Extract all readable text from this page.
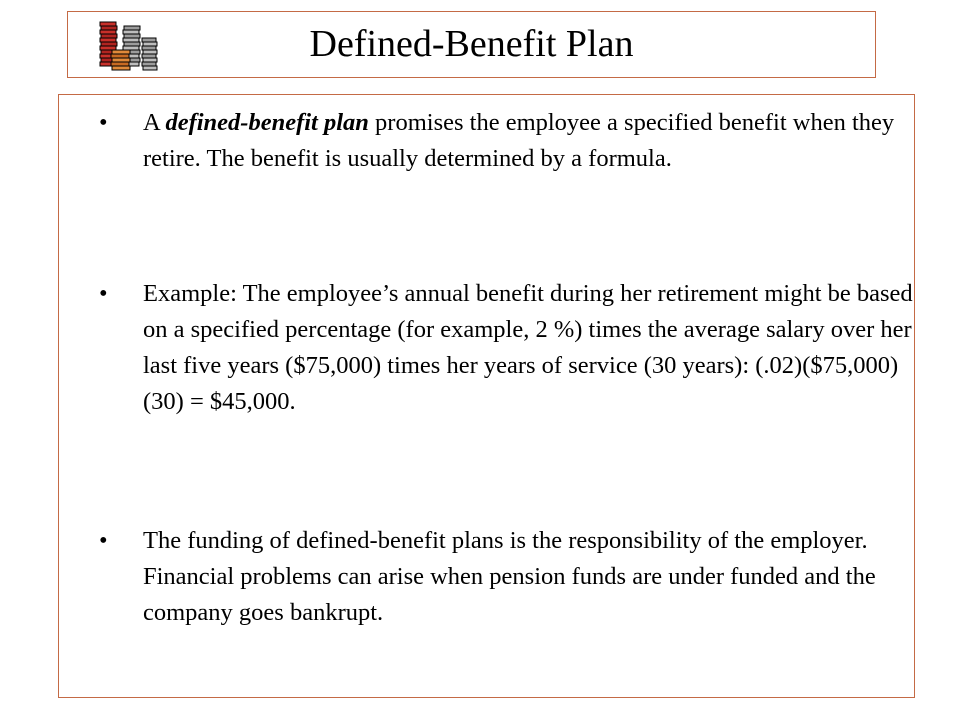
Defined-Benefit Plan
•	A defined-benefit plan promises the employee a specified benefit when they retire. The benefit is usually determined by a formula.
•	Example: The employee’s annual benefit during her retirement might be based on a specified percentage (for example, 2 %) times the average salary over her last five years ($75,000) times her years of service (30 years): (.02)($75,000)(30) = $45,000.
•	The funding of defined-benefit plans is the responsibility of the employer. Financial problems can arise when pension funds are under funded and the company goes bankrupt.
